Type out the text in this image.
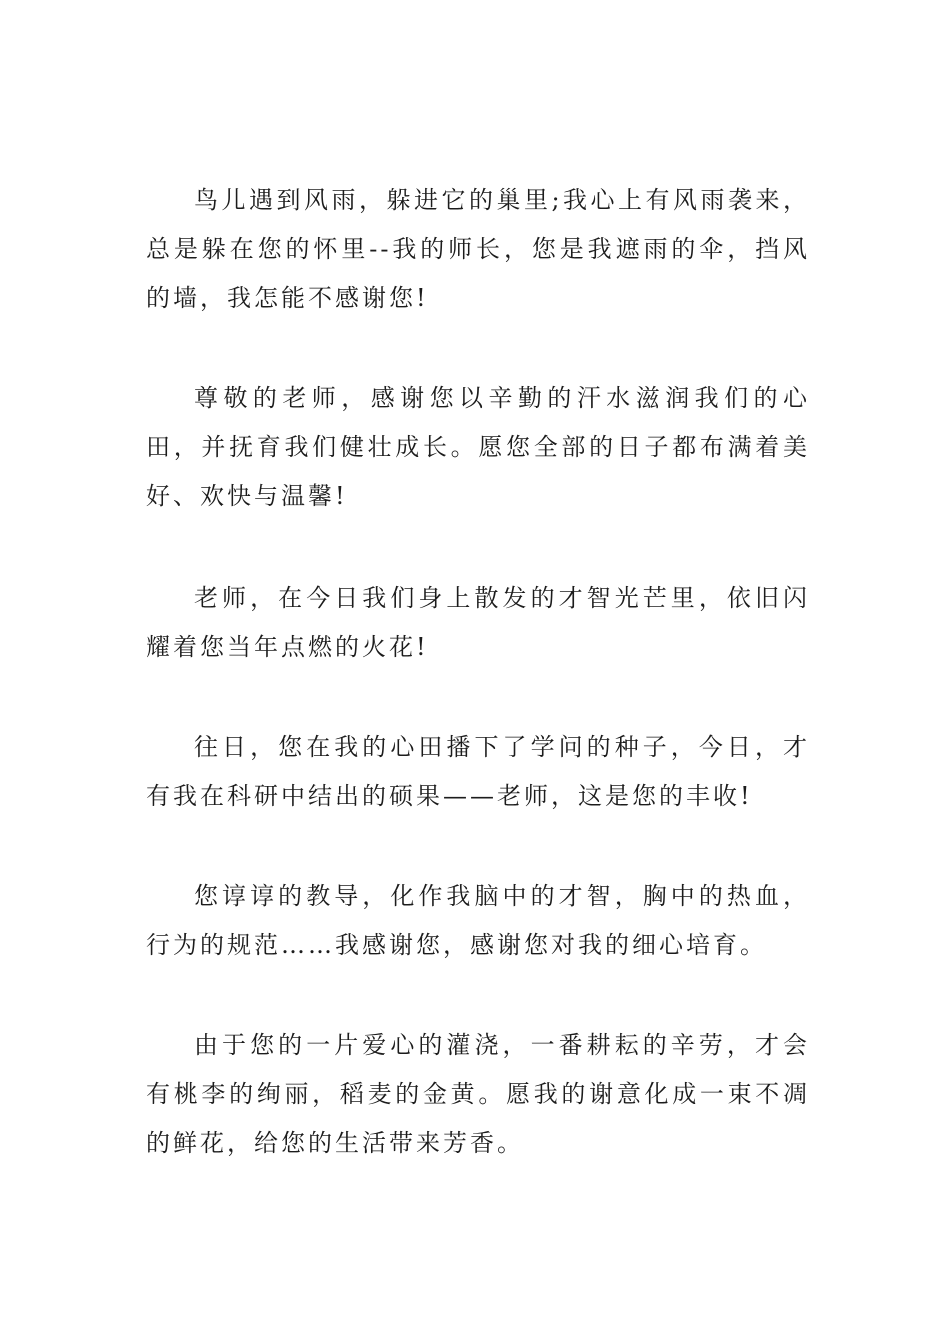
鸟儿遇到风雨，躲进它的巢里;我心上有风雨袭来，总是躲在您的怀里--我的师长，您是我遮雨的伞，挡风的墙，我怎能不感谢您!

尊敬的老师，感谢您以辛勤的汗水滋润我们的心田，并抚育我们健壮成长。愿您全部的日子都布满着美好、欢快与温馨!

老师，在今日我们身上散发的才智光芒里，依旧闪耀着您当年点燃的火花!

往日，您在我的心田播下了学问的种子，今日，才有我在科研中结出的硕果——老师，这是您的丰收!

您谆谆的教导，化作我脑中的才智，胸中的热血，行为的规范……我感谢您，感谢您对我的细心培育。

由于您的一片爱心的灌浇，一番耕耘的辛劳，才会有桃李的绚丽，稻麦的金黄。愿我的谢意化成一束不凋的鲜花，给您的生活带来芳香。
